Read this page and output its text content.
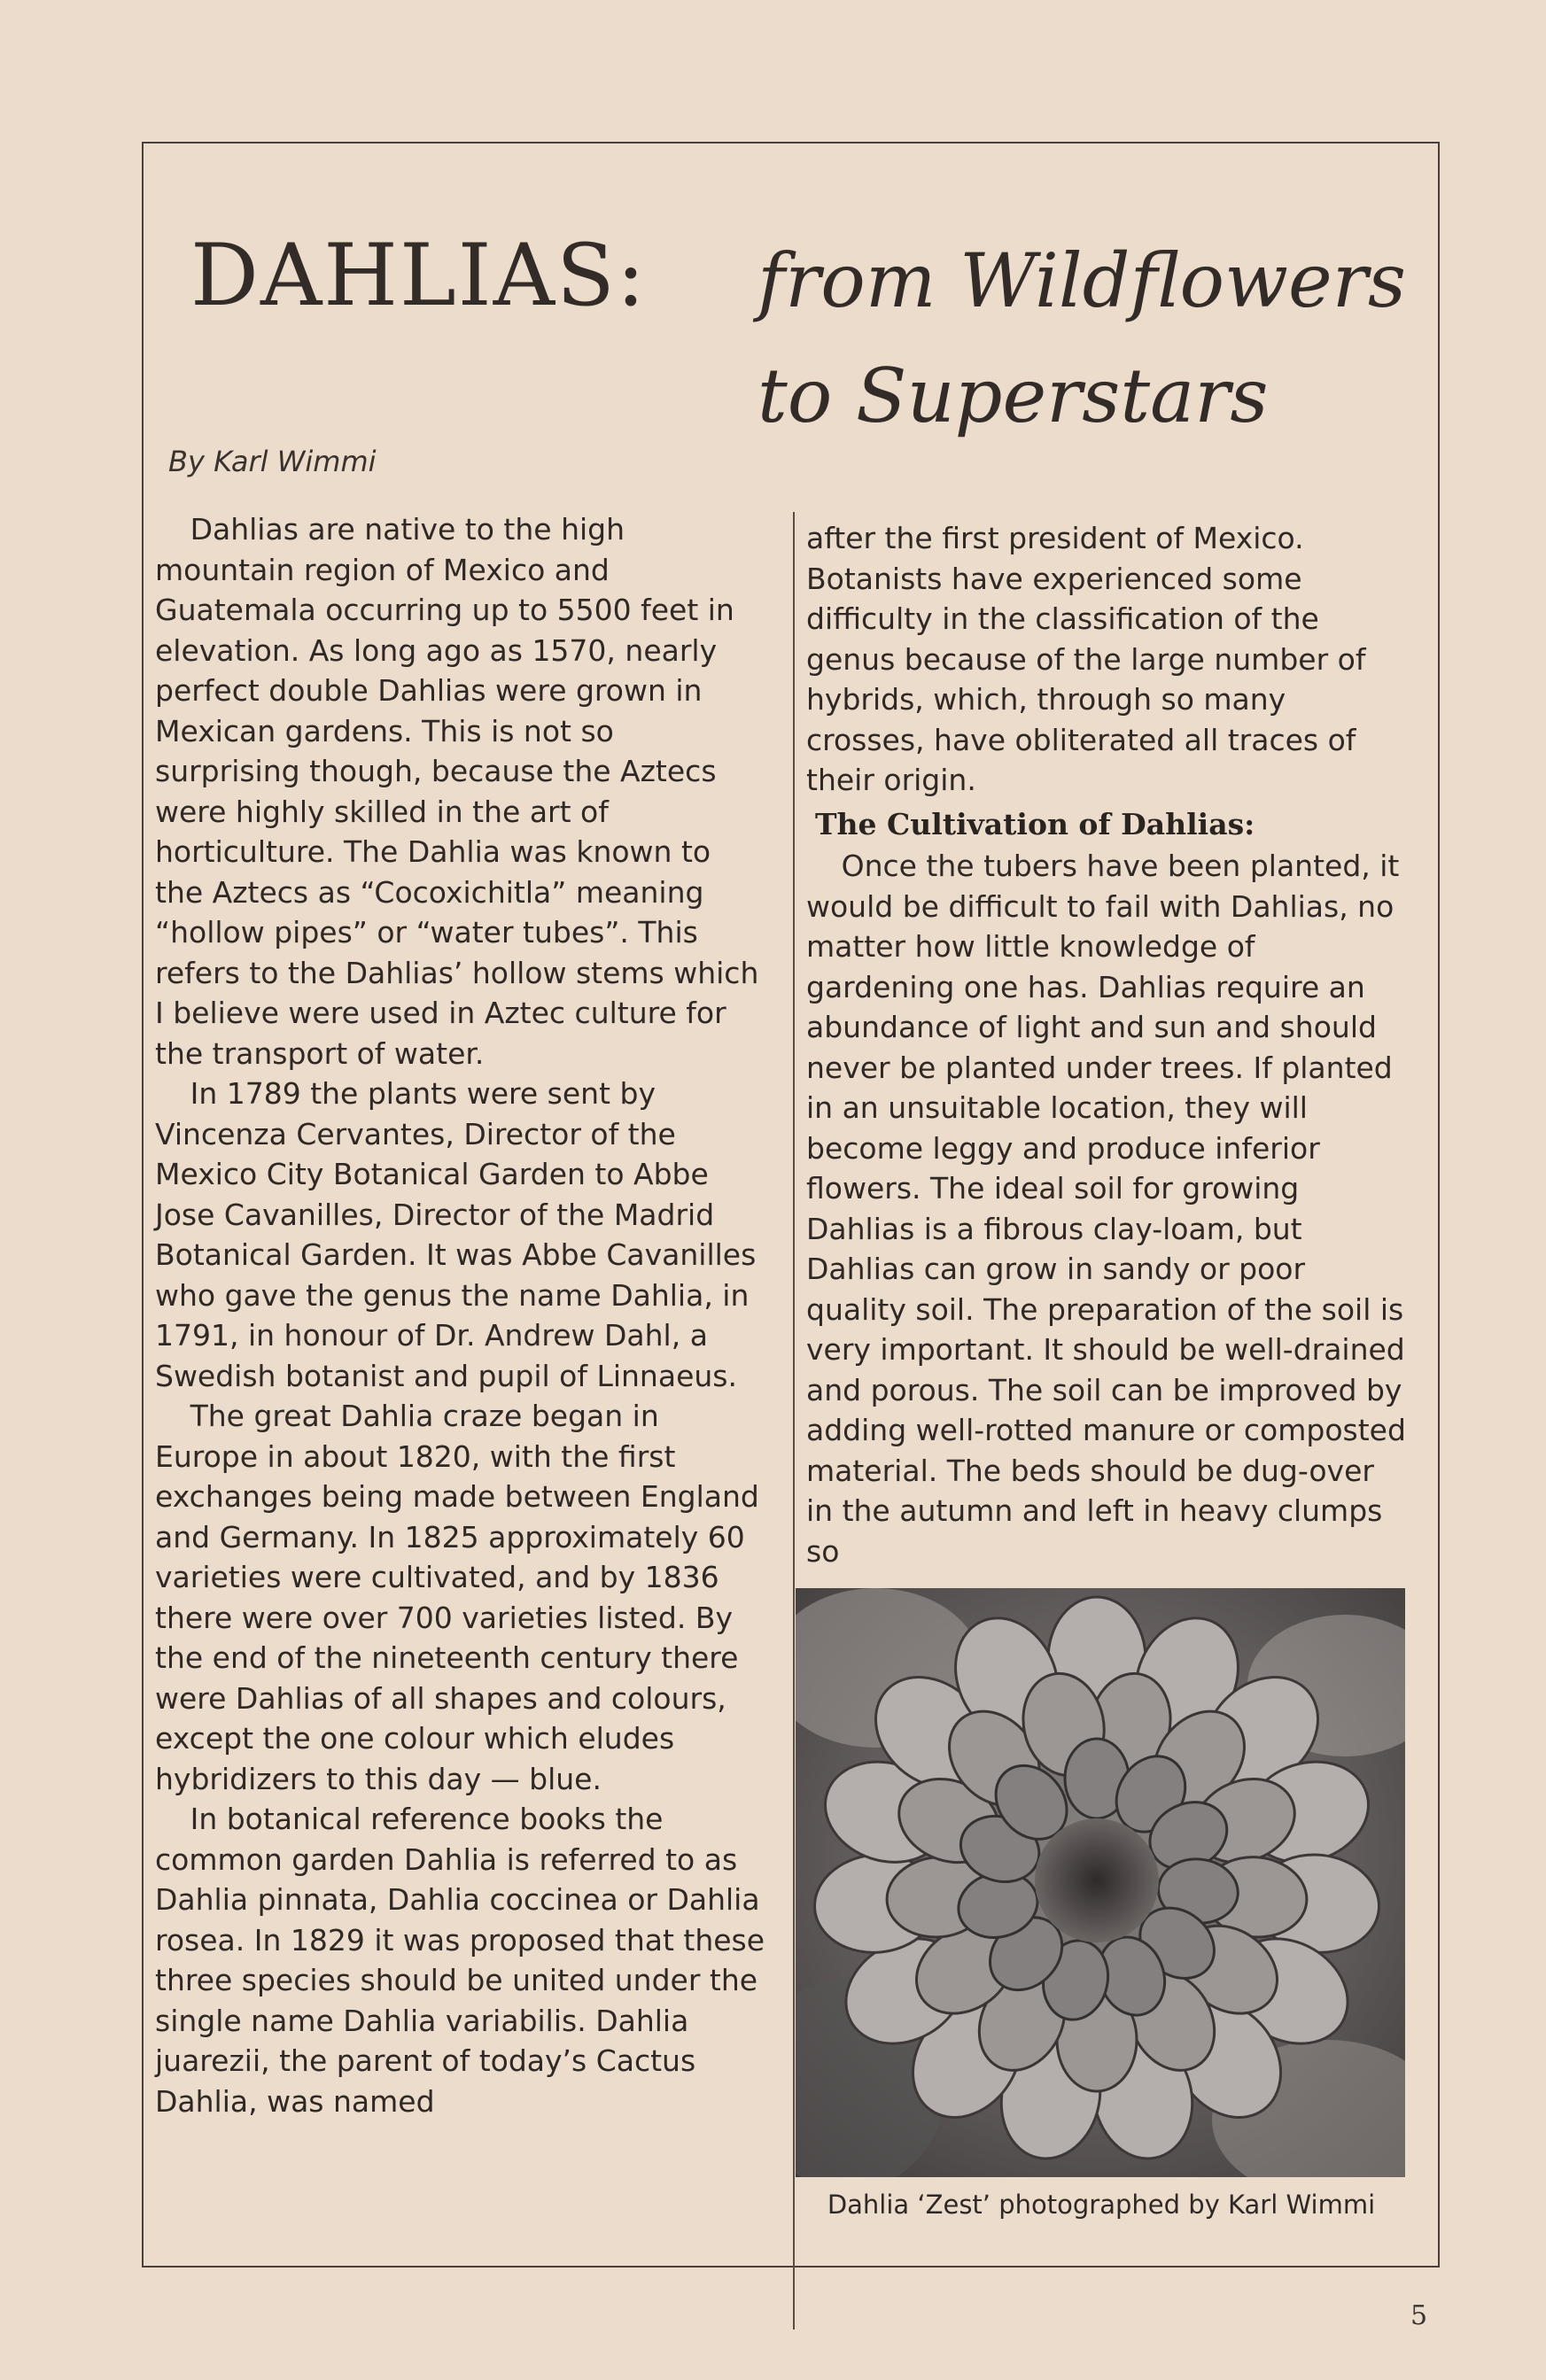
DAHLIAS: from Wildflowers
to Superstars
By Karl Wimmi

Dahlias are native to the high mountain region of Mexico and Guatemala occurring up to 5500 feet in elevation. As long ago as 1570, nearly perfect double Dahlias were grown in Mexican gardens. This is not so surprising though, because the Aztecs were highly skilled in the art of horticulture. The Dahlia was known to the Aztecs as “Cocoxichitla” meaning “hollow pipes” or “water tubes”. This refers to the Dahlias’ hollow stems which I believe were used in Aztec culture for the transport of water.

In 1789 the plants were sent by Vincenza Cervantes, Director of the Mexico City Botanical Garden to Abbe Jose Cavanilles, Director of the Madrid Botanical Garden. It was Abbe Cavanilles who gave the genus the name Dahlia, in 1791, in honour of Dr. Andrew Dahl, a Swedish botanist and pupil of Linnaeus.

The great Dahlia craze began in Europe in about 1820, with the first exchanges being made between England and Germany. In 1825 approximately 60 varieties were cultivated, and by 1836 there were over 700 varieties listed. By the end of the nineteenth century there were Dahlias of all shapes and colours, except the one colour which eludes hybridizers to this day — blue.

In botanical reference books the common garden Dahlia is referred to as Dahlia pinnata, Dahlia coccinea or Dahlia rosea. In 1829 it was proposed that these three species should be united under the single name Dahlia variabilis. Dahlia juarezii, the parent of today’s Cactus Dahlia, was named

after the first president of Mexico. Botanists have experienced some difficulty in the classification of the genus because of the large number of hybrids, which, through so many crosses, have obliterated all traces of their origin.

The Cultivation of Dahlias:

Once the tubers have been planted, it would be difficult to fail with Dahlias, no matter how little knowledge of gardening one has. Dahlias require an abundance of light and sun and should never be planted under trees. If planted in an unsuitable location, they will become leggy and produce inferior flowers. The ideal soil for growing Dahlias is a fibrous clay-loam, but Dahlias can grow in sandy or poor quality soil. The preparation of the soil is very important. It should be well-drained and porous. The soil can be improved by adding well-rotted manure or composted material. The beds should be dug-over in the autumn and left in heavy clumps so

Dahlia ‘Zest’ photographed by Karl Wimmi
5
